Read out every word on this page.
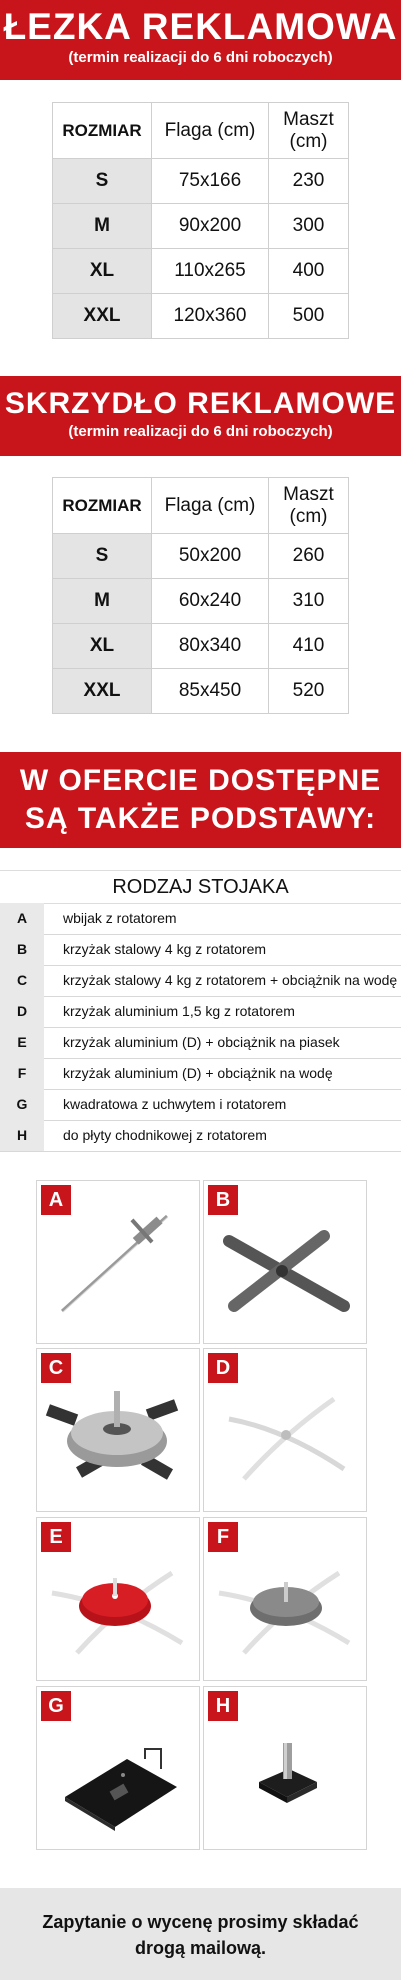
ŁEZKA REKLAMOWA
(termin realizacji do 6 dni roboczych)
ROZMIAR	Flaga (cm)	Maszt (cm)
S	75x166	230
M	90x200	300
XL	110x265	400
XXL	120x360	500
SKRZYDŁO REKLAMOWE
(termin realizacji do 6 dni roboczych)
ROZMIAR	Flaga (cm)	Maszt (cm)
S	50x200	260
M	60x240	310
XL	80x340	410
XXL	85x450	520
W OFERCIE DOSTĘPNE
SĄ TAKŻE PODSTAWY:
RODZAJ STOJAKA
A	wbijak z rotatorem
B	krzyżak stalowy 4 kg z rotatorem
C	krzyżak stalowy 4 kg z rotatorem + obciążnik na wodę
D	krzyżak aluminium 1,5 kg z rotatorem
E	krzyżak aluminium (D) + obciążnik na piasek
F	krzyżak aluminium (D) + obciążnik na wodę
G	kwadratowa z uchwytem i rotatorem
H	do płyty chodnikowej z rotatorem
A	B
C	D
E	F
G	H
Zapytanie o wycenę prosimy składać drogą mailową.
